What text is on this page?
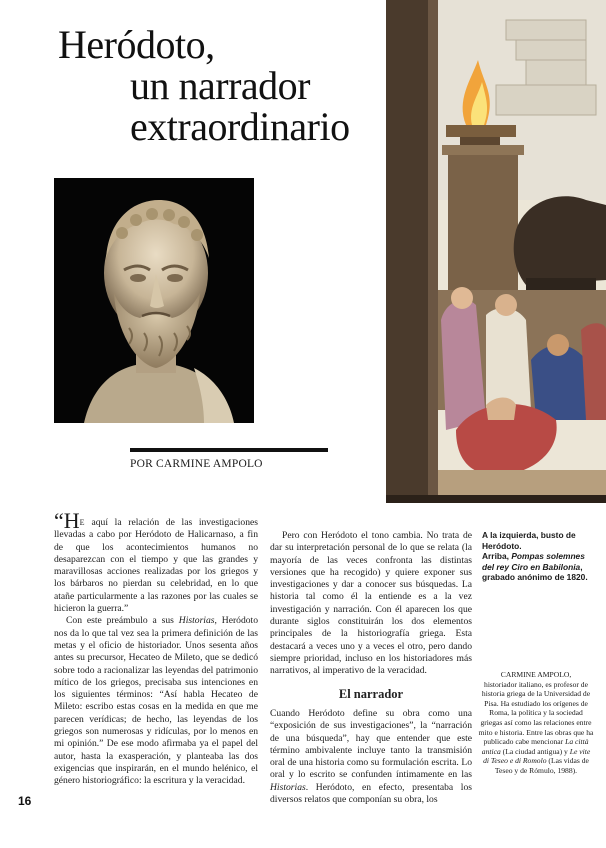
Heródoto,
un narrador
extraordinario
POR CARMINE AMPOLO

“HE aquí la relación de las investigaciones llevadas a cabo por Heródoto de Halicarnaso, a fin de que los acontecimientos humanos no desaparezcan con el tiempo y que las grandes y maravillosas acciones realizadas por los griegos y los bárbaros no pierdan su celebridad, en lo que atañe particularmente a las razones por las cuales se hicieron la guerra.”

Con este preámbulo a sus Historias, Heródoto nos da lo que tal vez sea la primera definición de las metas y el oficio de historiador. Unos sesenta años antes su precursor, Hecateo de Mileto, que se dedicó sobre todo a racionalizar las leyendas del patrimonio mítico de los griegos, precisaba sus intenciones en los siguientes términos: “Así habla Hecateo de Mileto: escribo estas cosas en la medida en que me parecen verídicas; de hecho, las leyendas de los griegos son numerosas y ridículas, por lo menos en mi opinión.” De ese modo afirmaba ya el papel del autor, hasta la exasperación, y planteaba las dos exigencias que inspirarán, en el mundo helénico, el género historiográfico: la escritura y la veracidad.

Pero con Heródoto el tono cambia. No trata de dar su interpretación personal de lo que se relata (la mayoría de las veces confronta las distintas versiones que ha recogido) y quiere exponer sus investigaciones y dar a conocer sus búsquedas. La historia tal como él la entiende es a la vez investigación y narración. Con él aparecen los que durante siglos constituirán los dos elementos principales de la historiografía griega. Esta destacará a veces uno y a veces el otro, pero dando siempre prioridad, incluso en los historiadores más narrativos, al imperativo de la veracidad.

El narrador

Cuando Heródoto define su obra como una “exposición de sus investigaciones”, la “narración de una búsqueda”, hay que entender que este término ambivalente incluye tanto la transmisión oral de una historia como su formulación escrita. Lo oral y lo escrito se confunden íntimamente en las Historias. Heródoto, en efecto, presentaba los diversos relatos que componían su obra, los

A la izquierda, busto de Heródoto.

Arriba, Pompas solemnes del rey Ciro en Babilonia, grabado anónimo de 1820.

CARMINE AMPOLO,

historiador italiano, es profesor de historia griega de la Universidad de Pisa. Ha estudiado los orígenes de Roma, la política y la sociedad griegas así como las relaciones entre mito e historia. Entre las obras que ha publicado cabe mencionar La città antica (La ciudad antigua) y Le vite di Teseo e di Romolo (Las vidas de Teseo y de Rómulo, 1988).

16
